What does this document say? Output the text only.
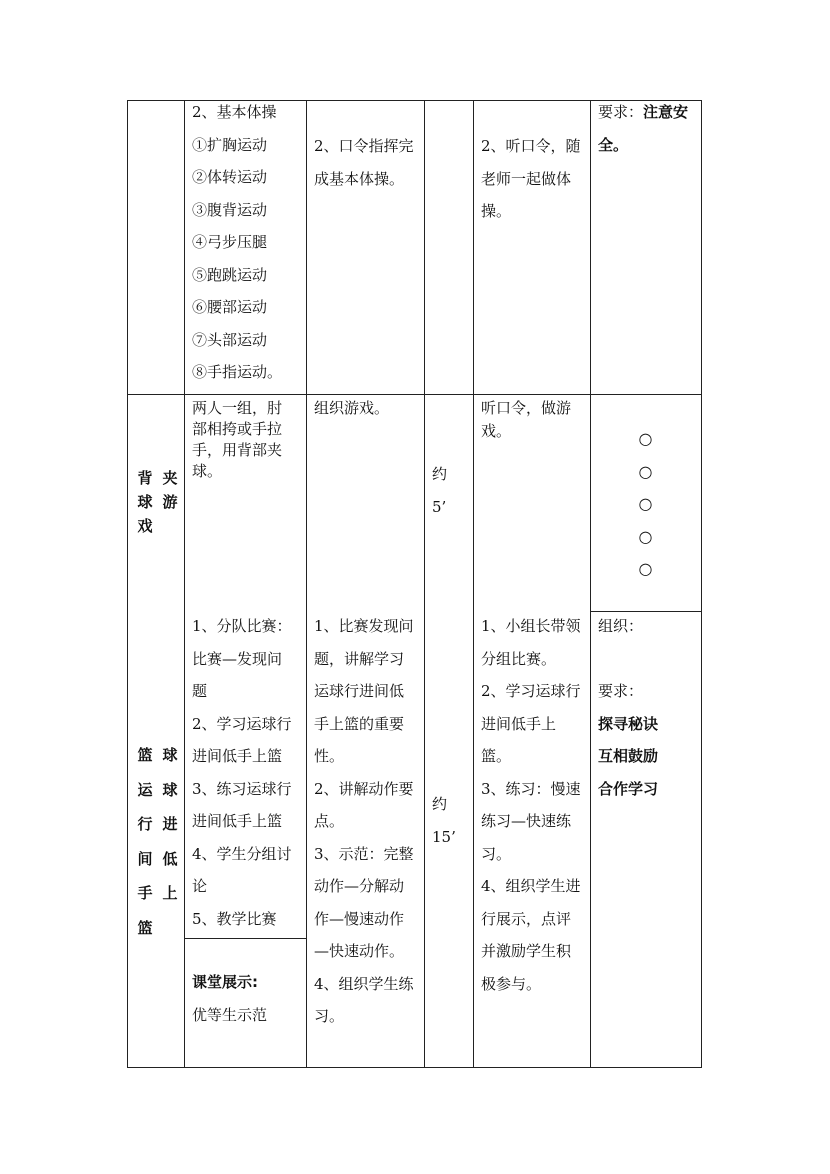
2、基本体操
①扩胸运动
②体转运动
③腹背运动
④弓步压腿
⑤跑跳运动
⑥腰部运动
⑦头部运动
⑧手指运动。
2、口令指挥完
成基本体操。
2、听口令，随
老师一起做体
操。
要求：注意安
全。
背球戏
夹游
两人一组，肘
部相挎或手拉
手，用背部夹
球。
组织游戏。
约
5’
听口令，做游
戏。	○
○
○
○
○
篮运行间手篮
球球进低上
1、分队比赛：
比赛—发现问
题
2、学习运球行
进间低手上篮
3、练习运球行
进间低手上篮
4、学生分组讨
论
5、教学比赛
课堂展示:
优等生示范
1、比赛发现问
题，讲解学习
运球行进间低
手上篮的重要
性。
2、讲解动作要
点。
3、示范：完整
动作—分解动
作—慢速动作
—快速动作。
4、组织学生练
习。
约
15’
1、小组长带领
分组比赛。
2、学习运球行
进间低手上
篮。
3、练习：慢速
练习—快速练
习。
4、组织学生进
行展示，点评
并激励学生积
极参与。
组织：

要求：
探寻秘诀
互相鼓励
合作学习
